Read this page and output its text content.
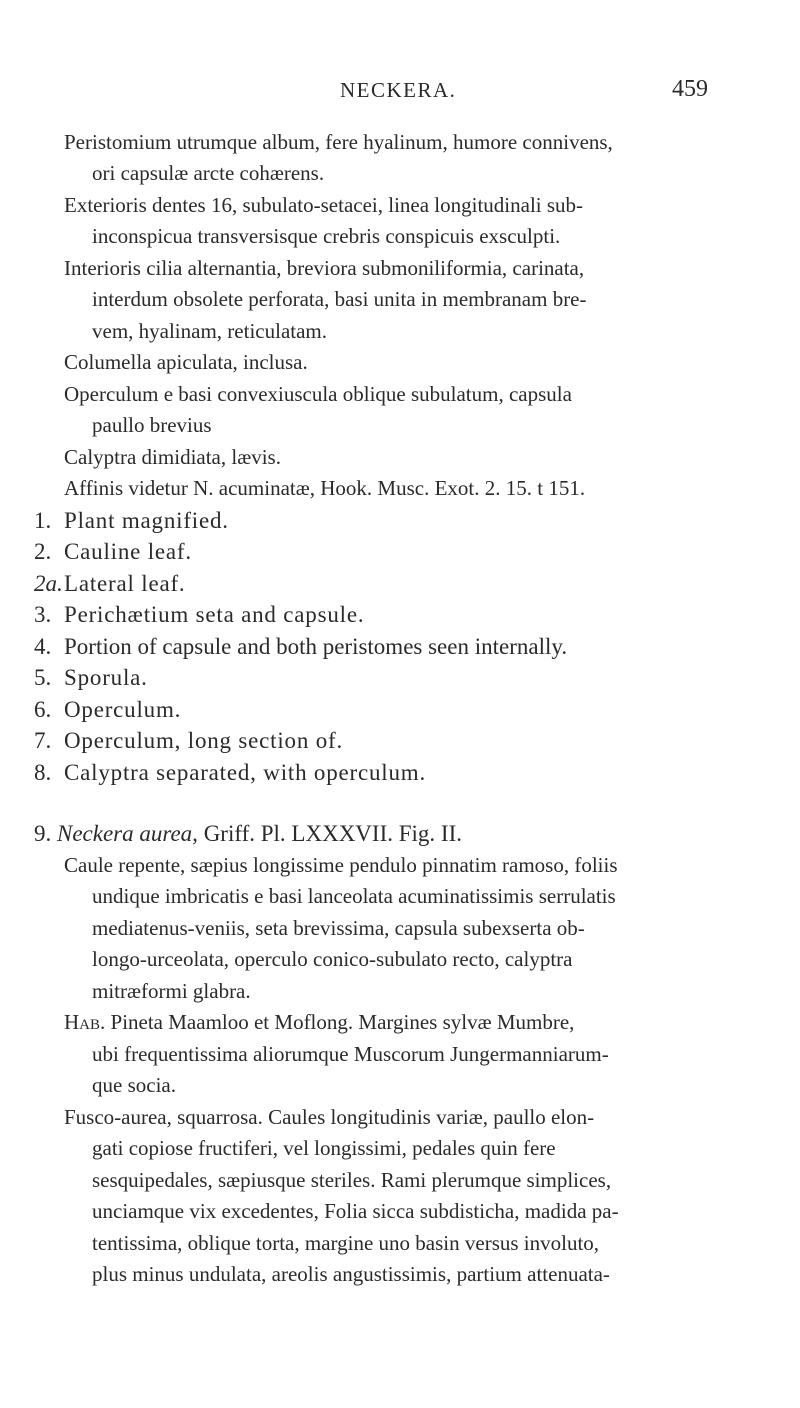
NECKERA.	459
Peristomium utrumque album, fere hyalinum, humore connivens,
ori capsulæ arcte cohærens.
Exterioris dentes 16, subulato-setacei, linea longitudinali sub-
inconspicua transversisque crebris conspicuis exsculpti.
Interioris cilia alternantia, breviora submoniliformia, carinata,
interdum obsolete perforata, basi unita in membranam bre-
vem, hyalinam, reticulatam.
Columella apiculata, inclusa.
Operculum e basi convexiuscula oblique subulatum, capsula
paullo brevius
Calyptra dimidiata, lævis.
Affinis videtur N. acuminatæ, Hook. Musc. Exot. 2. 15. t 151.
1. Plant magnified.
2. Cauline leaf.
2a. Lateral leaf.
3. Perichætium seta and capsule.
4. Portion of capsule and both peristomes seen internally.
5. Sporula.
6. Operculum.
7. Operculum, long section of.
8. Calyptra separated, with operculum.
9. Neckera aurea, Griff. Pl. LXXXVII. Fig. II.
Caule repente, sæpius longissime pendulo pinnatim ramoso, foliis
undique imbricatis e basi lanceolata acuminatissimis serrulatis
mediatenus-veniis, seta brevissima, capsula subexserta ob-
longo-urceolata, operculo conico-subulato recto, calyptra
mitræformi glabra.
Hab. Pineta Maamloo et Moflong. Margines sylvæ Mumbre,
ubi frequentissima aliorumque Muscorum Jungermanniarum-
que socia.
Fusco-aurea, squarrosa. Caules longitudinis variæ, paullo elon-
gati copiose fructiferi, vel longissimi, pedales quin fere
sesquipedales, sæpiusque steriles. Rami plerumque simplices,
unciamque vix excedentes, Folia sicca subdisticha, madida pa-
tentissima, oblique torta, margine uno basin versus involuto,
plus minus undulata, areolis angustissimis, partium attenuata-
